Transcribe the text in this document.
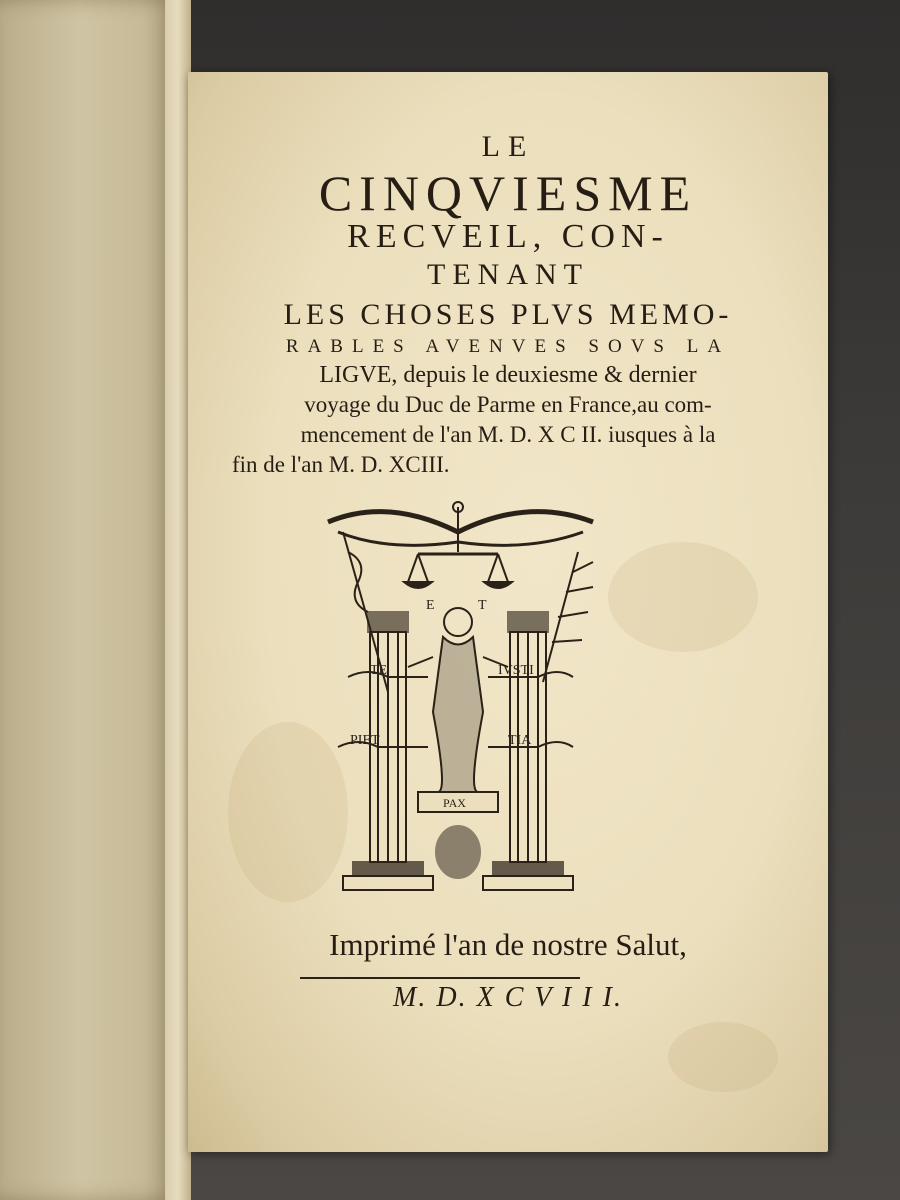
LE
CINQVIESME
RECVEIL, CON-
TENANT
LES CHOSES PLVS MEMO-
RABLES AVENVES SOVS LA
LIGVE, depuis le deuxiesme & dernier
voyage du Duc de Parme en France,au com-
mencement de l'an M. D. X C II. iusques à la
fin de l'an M. D. XCIII.
E	T
TE	IVSTI
PIET	TIA
PAX
Imprimé l'an de nostre Salut,
M. D. X C V I I I.
